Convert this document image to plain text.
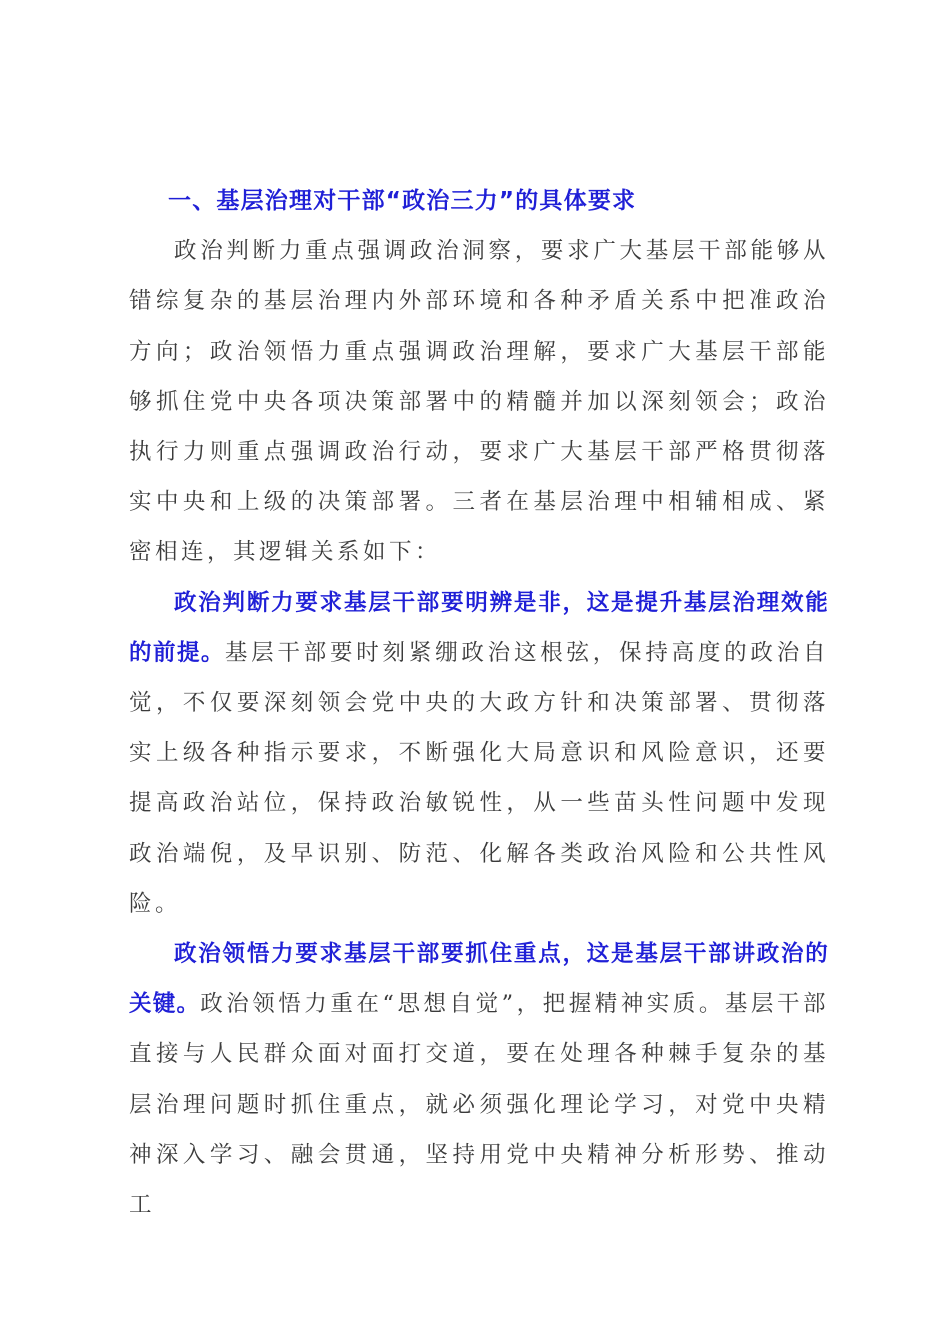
一、基层治理对干部“政治三力”的具体要求

政治判断力重点强调政治洞察，要求广大基层干部能够从错综复杂的基层治理内外部环境和各种矛盾关系中把准政治方向；政治领悟力重点强调政治理解，要求广大基层干部能够抓住党中央各项决策部署中的精髓并加以深刻领会；政治执行力则重点强调政治行动，要求广大基层干部严格贯彻落实中央和上级的决策部署。三者在基层治理中相辅相成、紧密相连，其逻辑关系如下：

政治判断力要求基层干部要明辨是非，这是提升基层治理效能的前提。基层干部要时刻紧绷政治这根弦，保持高度的政治自觉，不仅要深刻领会党中央的大政方针和决策部署、贯彻落实上级各种指示要求，不断强化大局意识和风险意识，还要提高政治站位，保持政治敏锐性，从一些苗头性问题中发现政治端倪，及早识别、防范、化解各类政治风险和公共性风险。

政治领悟力要求基层干部要抓住重点，这是基层干部讲政治的关键。政治领悟力重在“思想自觉”，把握精神实质。基层干部直接与人民群众面对面打交道，要在处理各种棘手复杂的基层治理问题时抓住重点，就必须强化理论学习，对党中央精神深入学习、融会贯通，坚持用党中央精神分析形势、推动工
